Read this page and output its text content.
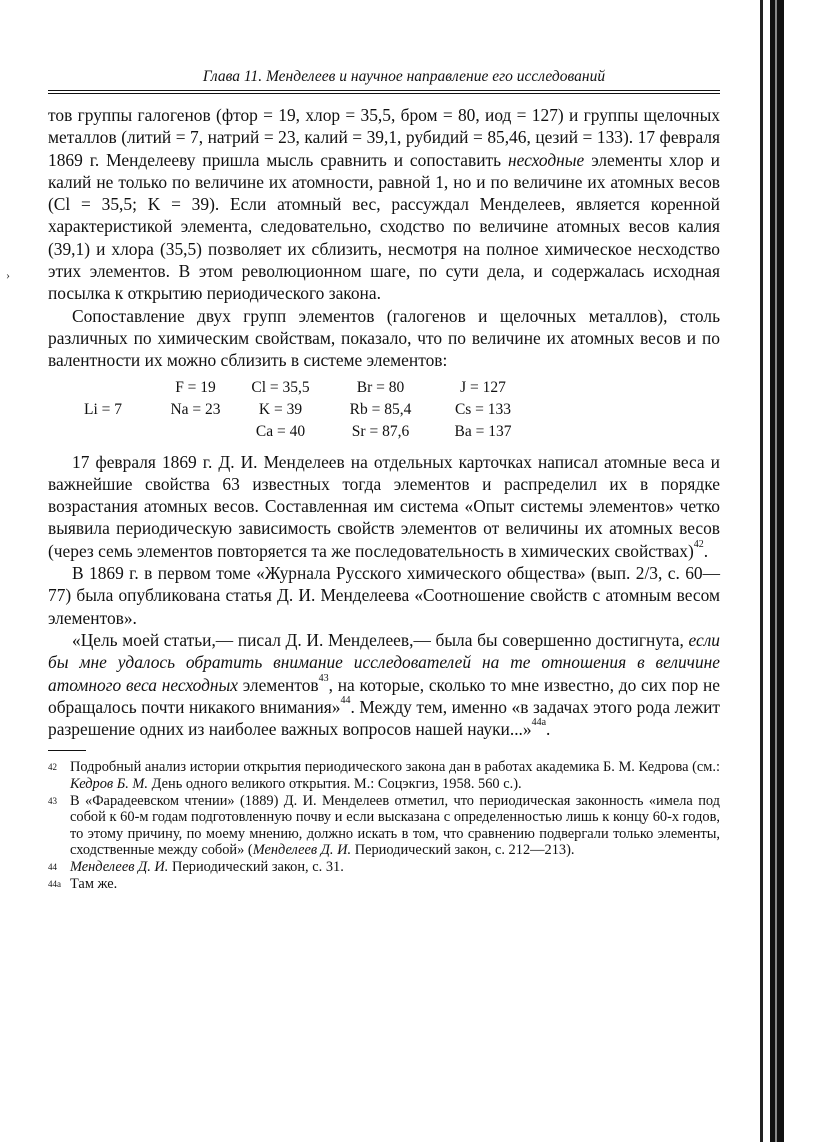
›
Глава 11. Менделеев и научное направление его исследований

тов группы галогенов (фтор = 19, хлор = 35,5, бром = 80, иод = 127) и группы щелочных металлов (литий = 7, натрий = 23, калий = 39,1, рубидий = 85,46, цезий = 133). 17 февраля 1869 г. Менделееву пришла мысль сравнить и сопоставить несходные элементы хлор и калий не только по величине их атомности, равной 1, но и по величине их атомных весов (Cl = 35,5; K = 39). Если атомный вес, рассуждал Менделеев, является коренной характеристикой элемента, следовательно, сходство по величине атомных весов калия (39,1) и хлора (35,5) позволяет их сблизить, несмотря на полное химическое несходство этих элементов. В этом революционном шаге, по сути дела, и содержалась исходная посылка к открытию периодического закона.

Сопоставление двух групп элементов (галогенов и щелочных металлов), столь различных по химическим свойствам, показало, что по величине их атомных весов и по валентности их можно сблизить в системе элементов:

	F = 19	Cl = 35,5	Br = 80	J = 127
Li = 7	Na = 23	K = 39	Rb = 85,4	Cs = 133
		Ca = 40	Sr = 87,6	Ba = 137

17 февраля 1869 г. Д. И. Менделеев на отдельных карточках написал атомные веса и важнейшие свойства 63 известных тогда элементов и распределил их в порядке возрастания атомных весов. Составленная им система «Опыт системы элементов» четко выявила периодическую зависимость свойств элементов от величины их атомных весов (через семь элементов повторяется та же последовательность в химических свойствах)$^{42}$.

В 1869 г. в первом томе «Журнала Русского химического общества» (вып. 2/3, с. 60—77) была опубликована статья Д. И. Менделеева «Соотношение свойств с атомным весом элементов».

«Цель моей статьи,— писал Д. И. Менделеев,— была бы совершенно достигнута, если бы мне удалось обратить внимание исследователей на те отношения в величине атомного веса несходных элементов$^{43}$, на которые, сколько то мне известно, до сих пор не обращалось почти никакого внимания»$^{44}$. Между тем, именно «в задачах этого рода лежит разрешение одних из наиболее важных вопросов нашей науки...»$^{44a}$.

42 Подробный анализ истории открытия периодического закона дан в работах академика Б. М. Кедрова (см.: Кедров Б. М. День одного великого открытия. М.: Соцэкгиз, 1958. 560 с.).

43 В «Фарадеевском чтении» (1889) Д. И. Менделеев отметил, что периодическая законность «имела под собой к 60-м годам подготовленную почву и если высказана с определенностью лишь к концу 60-х годов, то этому причину, по моему мнению, должно искать в том, что сравнению подвергали только элементы, сходственные между собой» (Менделеев Д. И. Периодический закон, с. 212—213).

44 Менделеев Д. И. Периодический закон, с. 31.

44a Там же.
